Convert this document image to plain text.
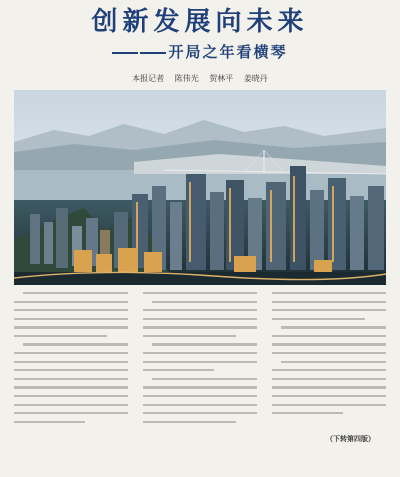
创新发展向未来
开局之年看横琴
本报记者 陈伟光 贺林平 姜晓丹
（下转第四版）
